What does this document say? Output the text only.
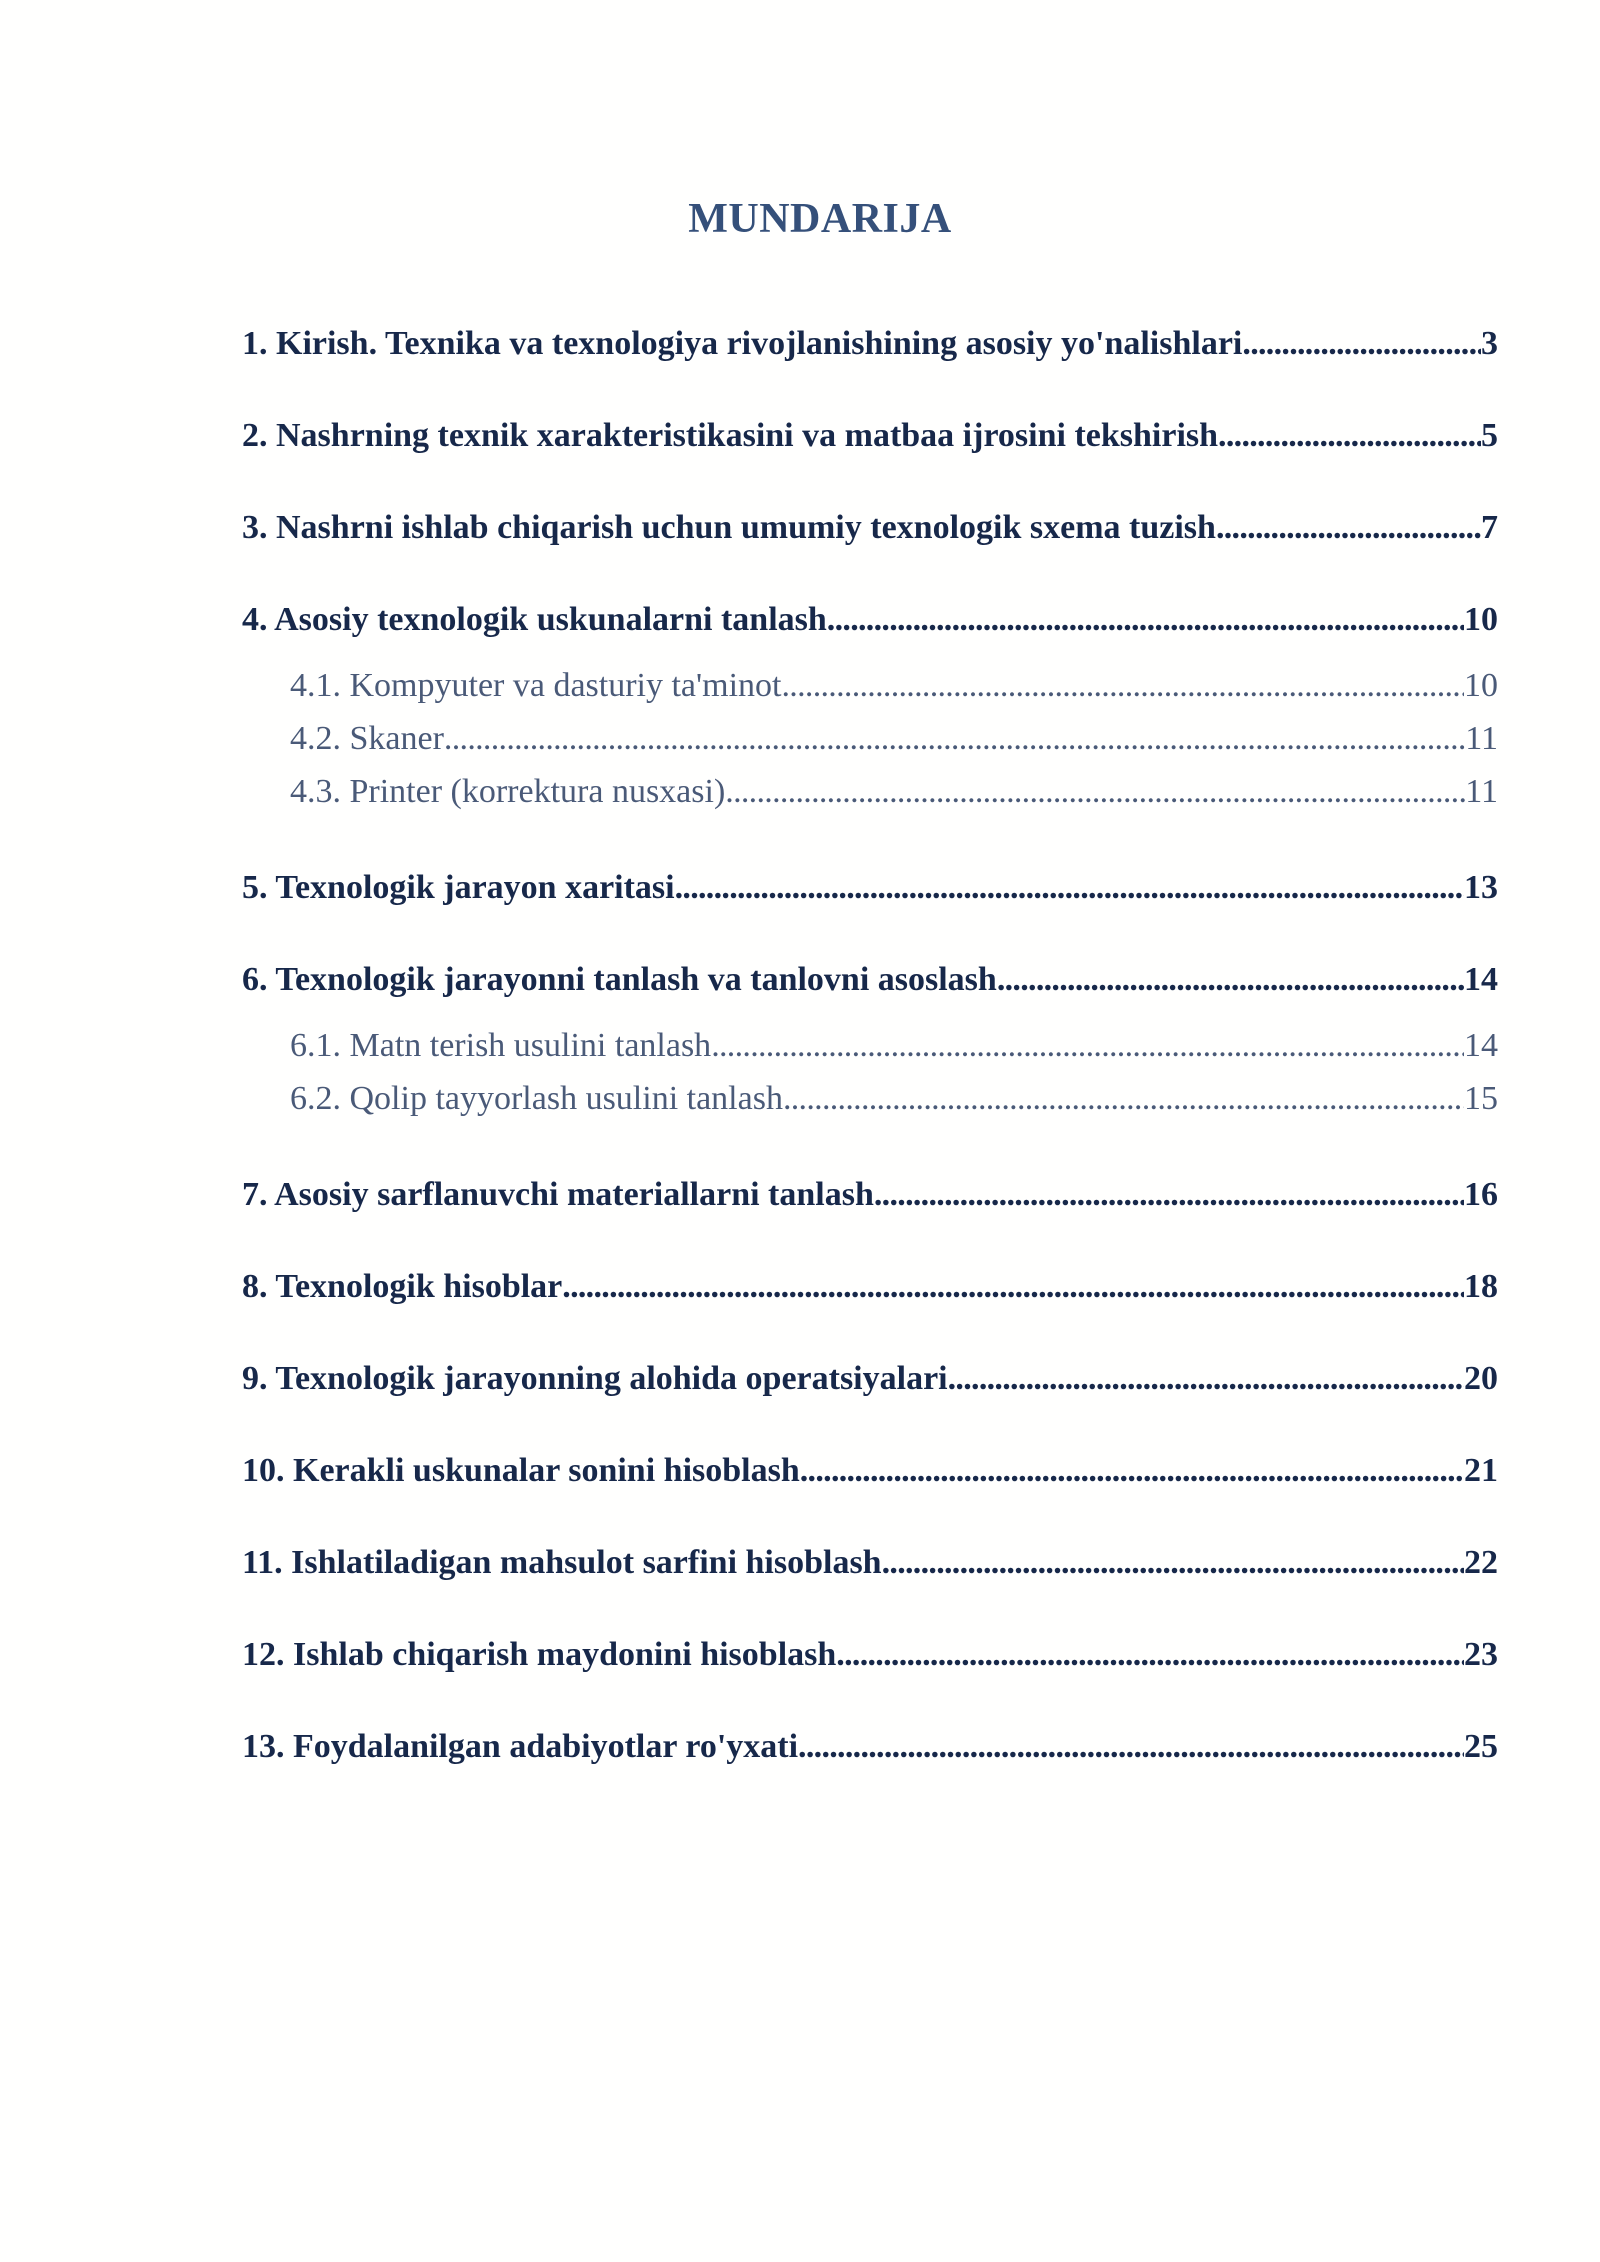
MUNDARIJA
1. Kirish. Texnika va texnologiya rivojlanishining asosiy yo'nalishlari . . .	3
2. Nashrning texnik xarakteristikasini va matbaa ijrosini tekshirish . . .	5
3. Nashrni ishlab chiqarish uchun umumiy texnologik sxema tuzish . . .	7
4. Asosiy texnologik uskunalarni tanlash . . .	10
4.1. Kompyuter va dasturiy ta'minot . . .	10
4.2. Skaner . . .	11
4.3. Printer (korrektura nusxasi) . . .	11
5. Texnologik jarayon xaritasi . . .	13
6. Texnologik jarayonni tanlash va tanlovni asoslash . . .	14
6.1. Matn terish usulini tanlash . . .	14
6.2. Qolip tayyorlash usulini tanlash . . .	15
7. Asosiy sarflanuvchi materiallarni tanlash . . .	16
8. Texnologik hisoblar . . .	18
9. Texnologik jarayonning alohida operatsiyalari . . .	20
10. Kerakli uskunalar sonini hisoblash . . .	21
11. Ishlatiladigan mahsulot sarfini hisoblash . . .	22
12. Ishlab chiqarish maydonini hisoblash . . .	23
13. Foydalanilgan adabiyotlar ro'yxati . . .	25
